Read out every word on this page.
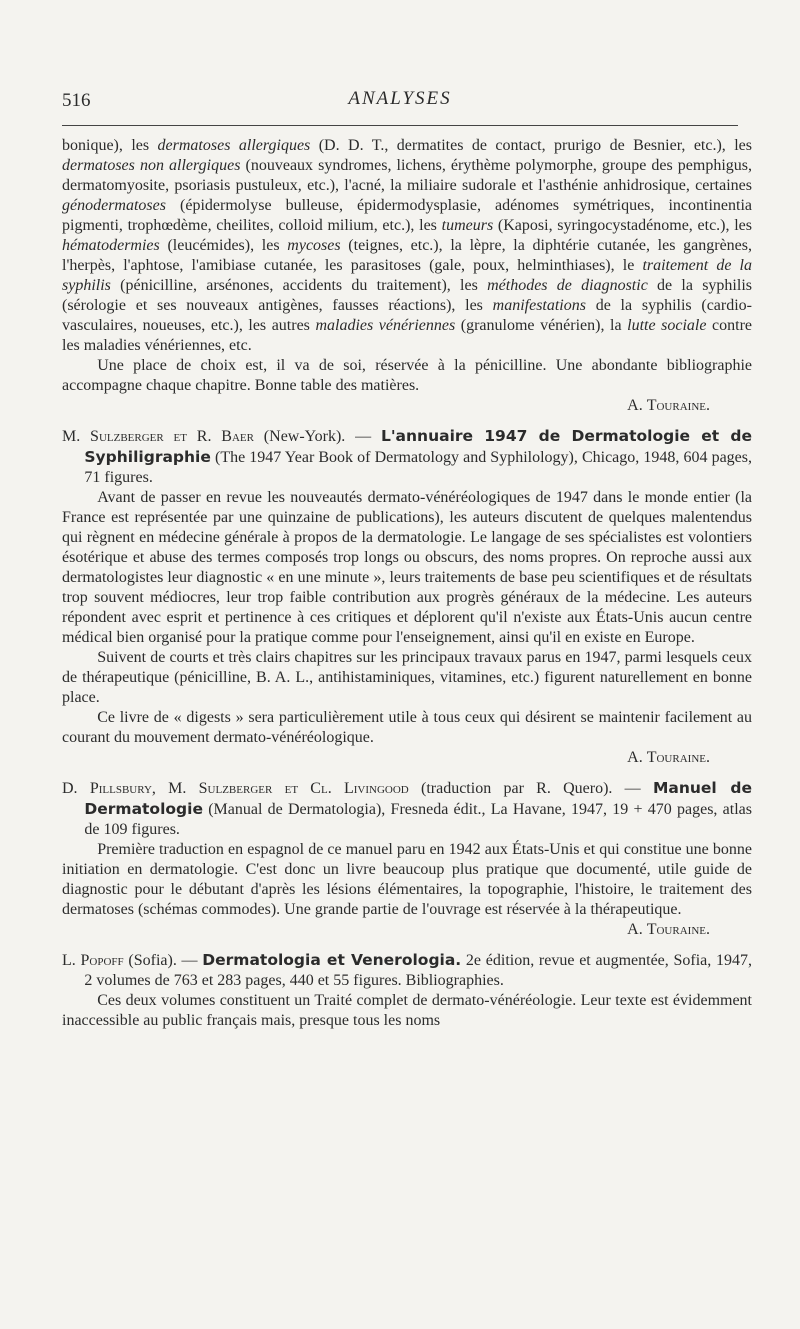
516	ANALYSES

bonique), les dermatoses allergiques (D. D. T., dermatites de contact, prurigo de Besnier, etc.), les dermatoses non allergiques (nouveaux syndromes, lichens, érythème polymorphe, groupe des pemphigus, dermatomyosite, psoriasis pustuleux, etc.), l'acné, la miliaire sudorale et l'asthénie anhidrosique, certaines génodermatoses (épidermolyse bulleuse, épidermodysplasie, adénomes symétriques, incontinentia pigmenti, trophœdème, cheilites, colloid milium, etc.), les tumeurs (Kaposi, syringocystadénome, etc.), les hématodermies (leucémides), les mycoses (teignes, etc.), la lèpre, la diphtérie cutanée, les gangrènes, l'herpès, l'aphtose, l'amibiase cutanée, les parasitoses (gale, poux, helminthiases), le traitement de la syphilis (pénicilline, arsénones, accidents du traitement), les méthodes de diagnostic de la syphilis (sérologie et ses nouveaux antigènes, fausses réactions), les manifestations de la syphilis (cardio-vasculaires, noueuses, etc.), les autres maladies vénériennes (granulome vénérien), la lutte sociale contre les maladies vénériennes, etc.

Une place de choix est, il va de soi, réservée à la pénicilline. Une abondante bibliographie accompagne chaque chapitre. Bonne table des matières.

A. Touraine.

M. Sulzberger et R. Baer (New-York). — L'annuaire 1947 de Dermatologie et de Syphiligraphie (The 1947 Year Book of Dermatology and Syphilology), Chicago, 1948, 604 pages, 71 figures.

Avant de passer en revue les nouveautés dermato-vénéréologiques de 1947 dans le monde entier (la France est représentée par une quinzaine de publications), les auteurs discutent de quelques malentendus qui règnent en médecine générale à propos de la dermatologie. Le langage de ses spécialistes est volontiers ésotérique et abuse des termes composés trop longs ou obscurs, des noms propres. On reproche aussi aux dermatologistes leur diagnostic « en une minute », leurs traitements de base peu scientifiques et de résultats trop souvent médiocres, leur trop faible contribution aux progrès généraux de la médecine. Les auteurs répondent avec esprit et pertinence à ces critiques et déplorent qu'il n'existe aux États-Unis aucun centre médical bien organisé pour la pratique comme pour l'enseignement, ainsi qu'il en existe en Europe.

Suivent de courts et très clairs chapitres sur les principaux travaux parus en 1947, parmi lesquels ceux de thérapeutique (pénicilline, B. A. L., antihistaminiques, vitamines, etc.) figurent naturellement en bonne place.

Ce livre de « digests » sera particulièrement utile à tous ceux qui désirent se maintenir facilement au courant du mouvement dermato-vénéréologique.

A. Touraine.

D. Pillsbury, M. Sulzberger et Cl. Livingood (traduction par R. Quero). — Manuel de Dermatologie (Manual de Dermatologia), Fresneda édit., La Havane, 1947, 19 + 470 pages, atlas de 109 figures.

Première traduction en espagnol de ce manuel paru en 1942 aux États-Unis et qui constitue une bonne initiation en dermatologie. C'est donc un livre beaucoup plus pratique que documenté, utile guide de diagnostic pour le débutant d'après les lésions élémentaires, la topographie, l'histoire, le traitement des dermatoses (schémas commodes). Une grande partie de l'ouvrage est réservée à la thérapeutique.

A. Touraine.

L. Popoff (Sofia). — Dermatologia et Venerologia. 2e édition, revue et augmentée, Sofia, 1947, 2 volumes de 763 et 283 pages, 440 et 55 figures. Bibliographies.

Ces deux volumes constituent un Traité complet de dermato-vénéréologie. Leur texte est évidemment inaccessible au public français mais, presque tous les noms
